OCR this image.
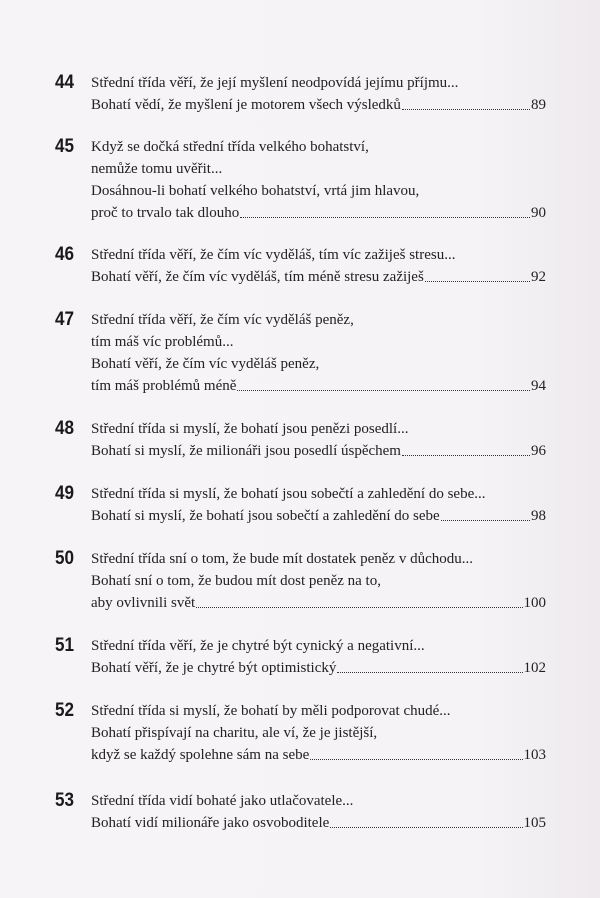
44 Střední třída věří, že její myšlení neodpovídá jejímu příjmu...
Bohatí vědí, že myšlení je motorem všech výsledků	89
45 Když se dočká střední třída velkého bohatství,
nemůže tomu uvěřit...
Dosáhnou-li bohatí velkého bohatství, vrtá jim hlavou,
proč to trvalo tak dlouho	90
46 Střední třída věří, že čím víc vyděláš, tím víc zažiješ stresu...
Bohatí věří, že čím víc vyděláš, tím méně stresu zažiješ	92
47 Střední třída věří, že čím víc vyděláš peněz,
tím máš víc problémů...
Bohatí věří, že čím víc vyděláš peněz,
tím máš problémů méně	94
48 Střední třída si myslí, že bohatí jsou penězi posedlí...
Bohatí si myslí, že milionáři jsou posedlí úspěchem	96
49 Střední třída si myslí, že bohatí jsou sobečtí a zahledění do sebe...
Bohatí si myslí, že bohatí jsou sobečtí a zahledění do sebe	98
50 Střední třída sní o tom, že bude mít dostatek peněz v důchodu...
Bohatí sní o tom, že budou mít dost peněz na to,
aby ovlivnili svět	100
51 Střední třída věří, že je chytré být cynický a negativní...
Bohatí věří, že je chytré být optimistický	102
52 Střední třída si myslí, že bohatí by měli podporovat chudé...
Bohatí přispívají na charitu, ale ví, že je jistější,
když se každý spolehne sám na sebe	103
53 Střední třída vidí bohaté jako utlačovatele...
Bohatí vidí milionáře jako osvoboditele	105
